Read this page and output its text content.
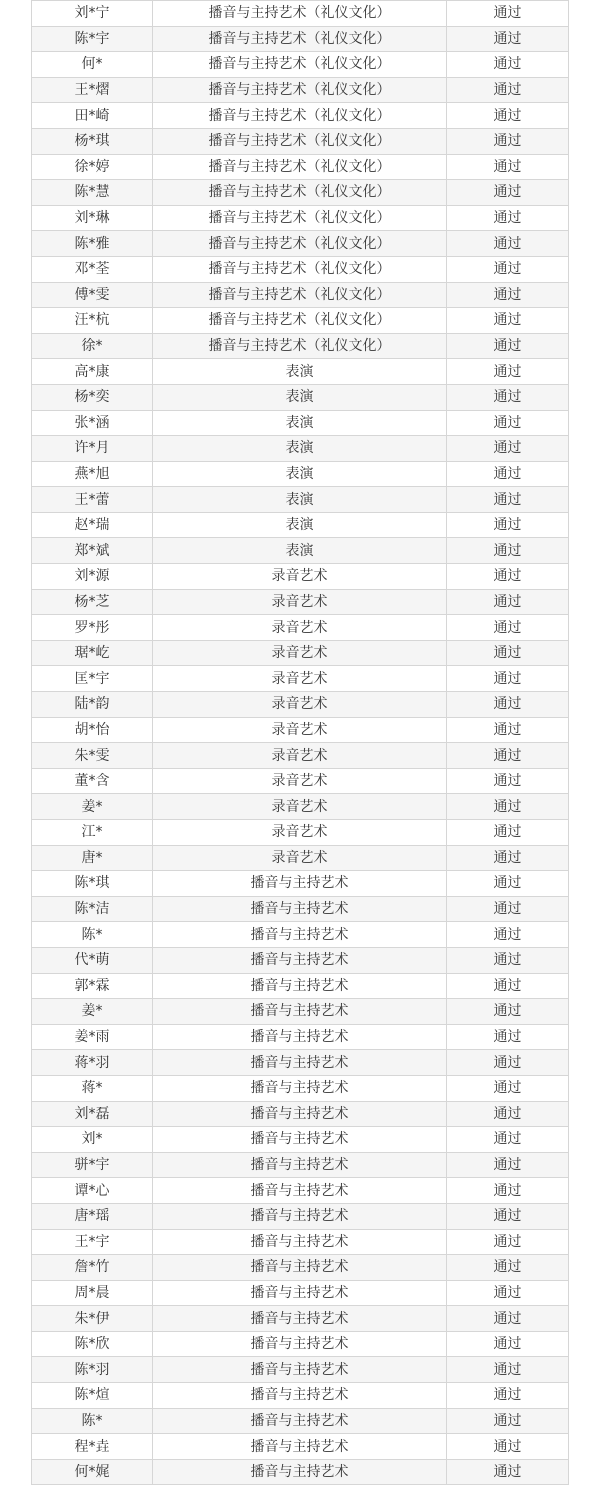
刘*宁	播音与主持艺术（礼仪文化）	通过
陈*宇	播音与主持艺术（礼仪文化）	通过
何*	播音与主持艺术（礼仪文化）	通过
王*熠	播音与主持艺术（礼仪文化）	通过
田*崎	播音与主持艺术（礼仪文化）	通过
杨*琪	播音与主持艺术（礼仪文化）	通过
徐*婷	播音与主持艺术（礼仪文化）	通过
陈*慧	播音与主持艺术（礼仪文化）	通过
刘*琳	播音与主持艺术（礼仪文化）	通过
陈*雅	播音与主持艺术（礼仪文化）	通过
邓*荃	播音与主持艺术（礼仪文化）	通过
傅*雯	播音与主持艺术（礼仪文化）	通过
汪*杭	播音与主持艺术（礼仪文化）	通过
徐*	播音与主持艺术（礼仪文化）	通过
高*康	表演	通过
杨*奕	表演	通过
张*涵	表演	通过
许*月	表演	通过
燕*旭	表演	通过
王*蕾	表演	通过
赵*瑞	表演	通过
郑*斌	表演	通过
刘*源	录音艺术	通过
杨*芝	录音艺术	通过
罗*彤	录音艺术	通过
琚*屹	录音艺术	通过
匡*宇	录音艺术	通过
陆*韵	录音艺术	通过
胡*怡	录音艺术	通过
朱*雯	录音艺术	通过
董*含	录音艺术	通过
姜*	录音艺术	通过
江*	录音艺术	通过
唐*	录音艺术	通过
陈*琪	播音与主持艺术	通过
陈*洁	播音与主持艺术	通过
陈*	播音与主持艺术	通过
代*萌	播音与主持艺术	通过
郭*霖	播音与主持艺术	通过
姜*	播音与主持艺术	通过
姜*雨	播音与主持艺术	通过
蒋*羽	播音与主持艺术	通过
蒋*	播音与主持艺术	通过
刘*磊	播音与主持艺术	通过
刘*	播音与主持艺术	通过
骈*宇	播音与主持艺术	通过
谭*心	播音与主持艺术	通过
唐*瑶	播音与主持艺术	通过
王*宇	播音与主持艺术	通过
詹*竹	播音与主持艺术	通过
周*晨	播音与主持艺术	通过
朱*伊	播音与主持艺术	通过
陈*欣	播音与主持艺术	通过
陈*羽	播音与主持艺术	通过
陈*煊	播音与主持艺术	通过
陈*	播音与主持艺术	通过
程*垚	播音与主持艺术	通过
何*娓	播音与主持艺术	通过
